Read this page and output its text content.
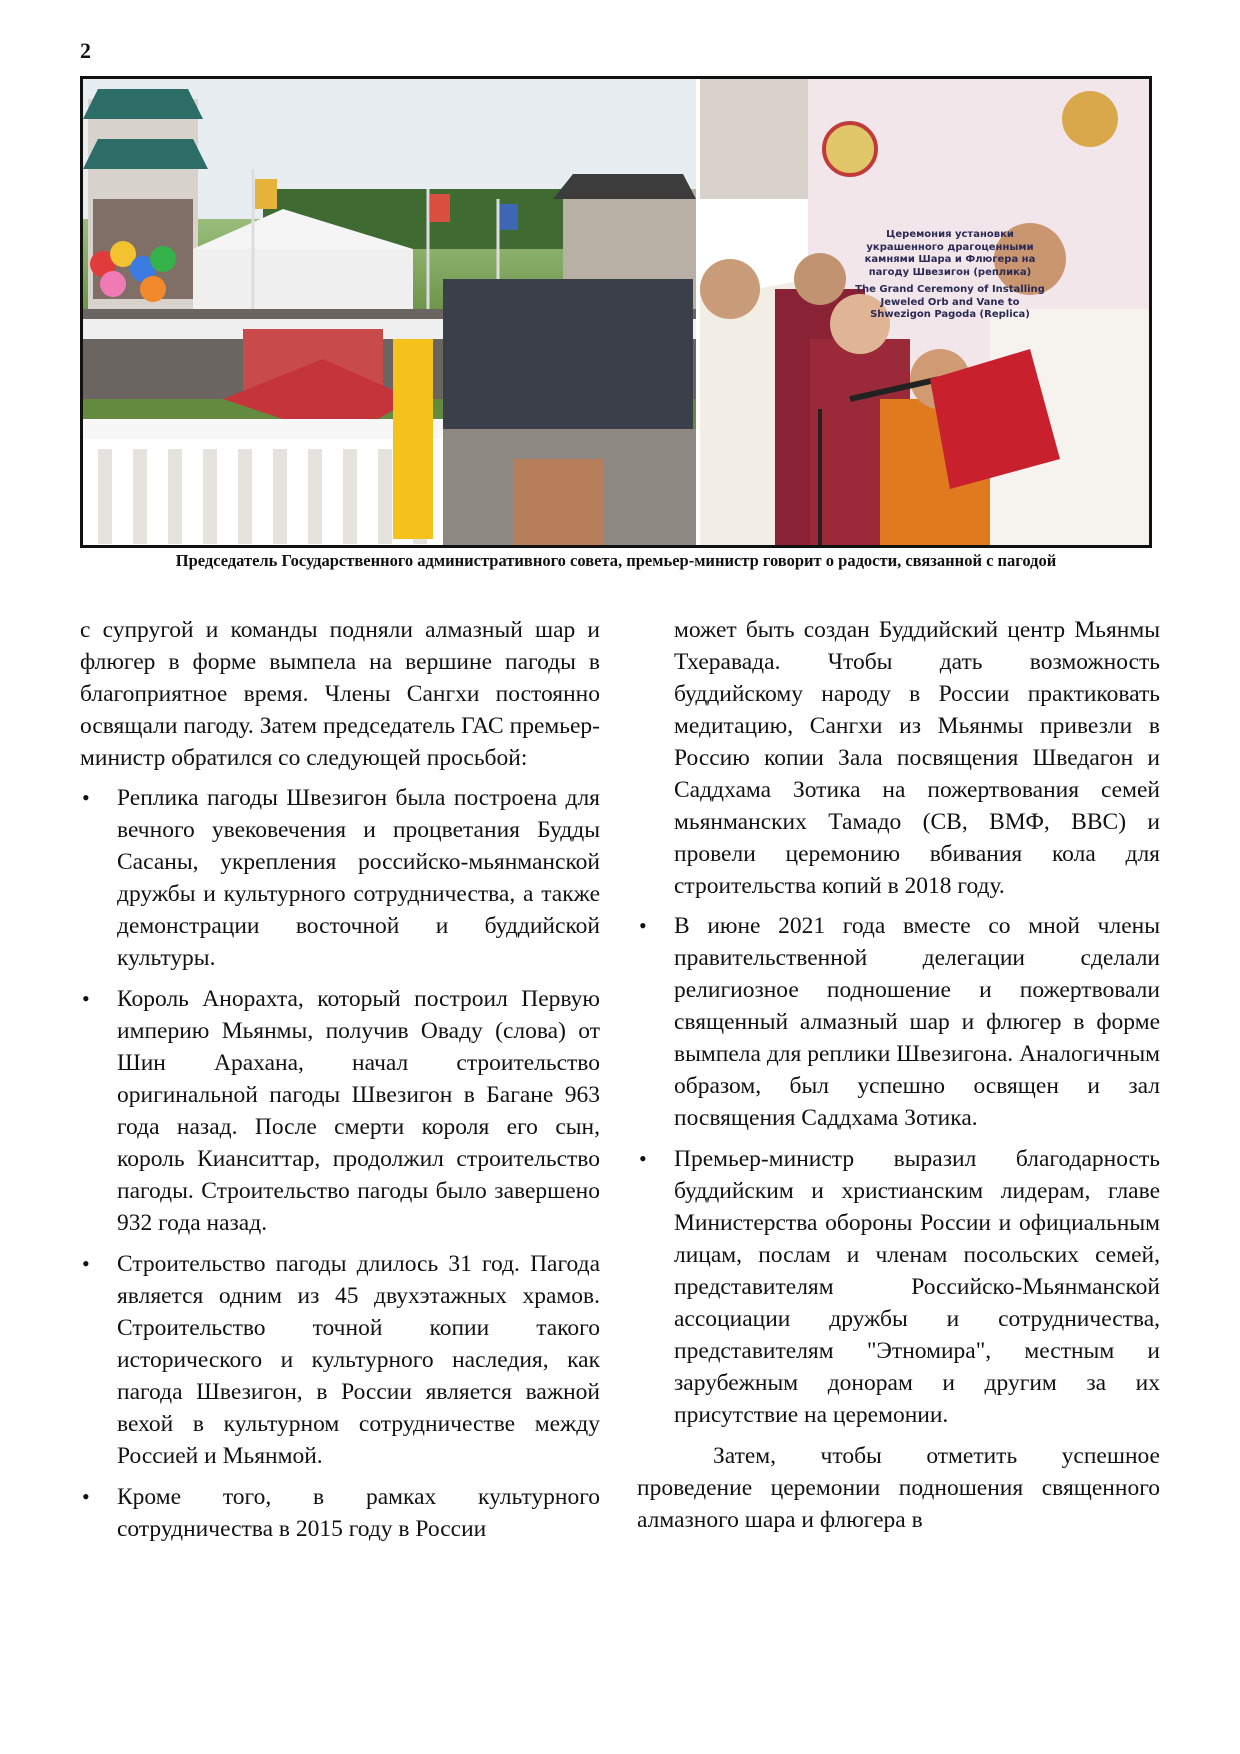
2
Церемония установки украшенного драгоценными камнями Шара и Флюгера на пагоду Швезигон (реплика)
The Grand Ceremony of Installing Jeweled Orb and Vane to Shwezigon Pagoda (Replica)
Председатель Государственного административного совета, премьер-министр говорит о радости, связанной с пагодой

с супругой и команды подняли алмазный шар и флюгер в форме вымпела на вершине пагоды в благоприятное время. Члены Сангхи постоянно освящали пагоду. Затем председатель ГАС премьер-министр обратился со следующей просьбой:

• Реплика пагоды Швезигон была построена для вечного увековечения и процветания Будды Сасаны, укрепления российско-мьянманской дружбы и культурного сотрудничества, а также демонстрации восточной и буддийской культуры.
• Король Анорахта, который построил Первую империю Мьянмы, получив Оваду (слова) от Шин Арахана, начал строительство оригинальной пагоды Швезигон в Багане 963 года назад. После смерти короля его сын, король Кианситтар, продолжил строительство пагоды. Строительство пагоды было завершено 932 года назад.
• Строительство пагоды длилось 31 год. Пагода является одним из 45 двухэтажных храмов. Строительство точной копии такого исторического и культурного наследия, как пагода Швезигон, в России является важной вехой в культурном сотрудничестве между Россией и Мьянмой.
• Кроме того, в рамках культурного сотрудничества в 2015 году в России

может быть создан Буддийский центр Мьянмы Тхеравада. Чтобы дать возможность буддийскому народу в России практиковать медитацию, Сангхи из Мьянмы привезли в Россию копии Зала посвящения Шведагон и Саддхама Зотика на пожертвования семей мьянманских Тамадо (СВ, ВМФ, ВВС) и провели церемонию вбивания кола для строительства копий в 2018 году.

• В июне 2021 года вместе со мной члены правительственной делегации сделали религиозное подношение и пожертвовали священный алмазный шар и флюгер в форме вымпела для реплики Швезигона. Аналогичным образом, был успешно освящен и зал посвящения Саддхама Зотика.
• Премьер-министр выразил благодарность буддийским и христианским лидерам, главе Министерства обороны России и официальным лицам, послам и членам посольских семей, представителям Российско-Мьянманской ассоциации дружбы и сотрудничества, представителям "Этномира", местным и зарубежным донорам и другим за их присутствие на церемонии.

Затем, чтобы отметить успешное проведение церемонии подношения священного алмазного шара и флюгера в
